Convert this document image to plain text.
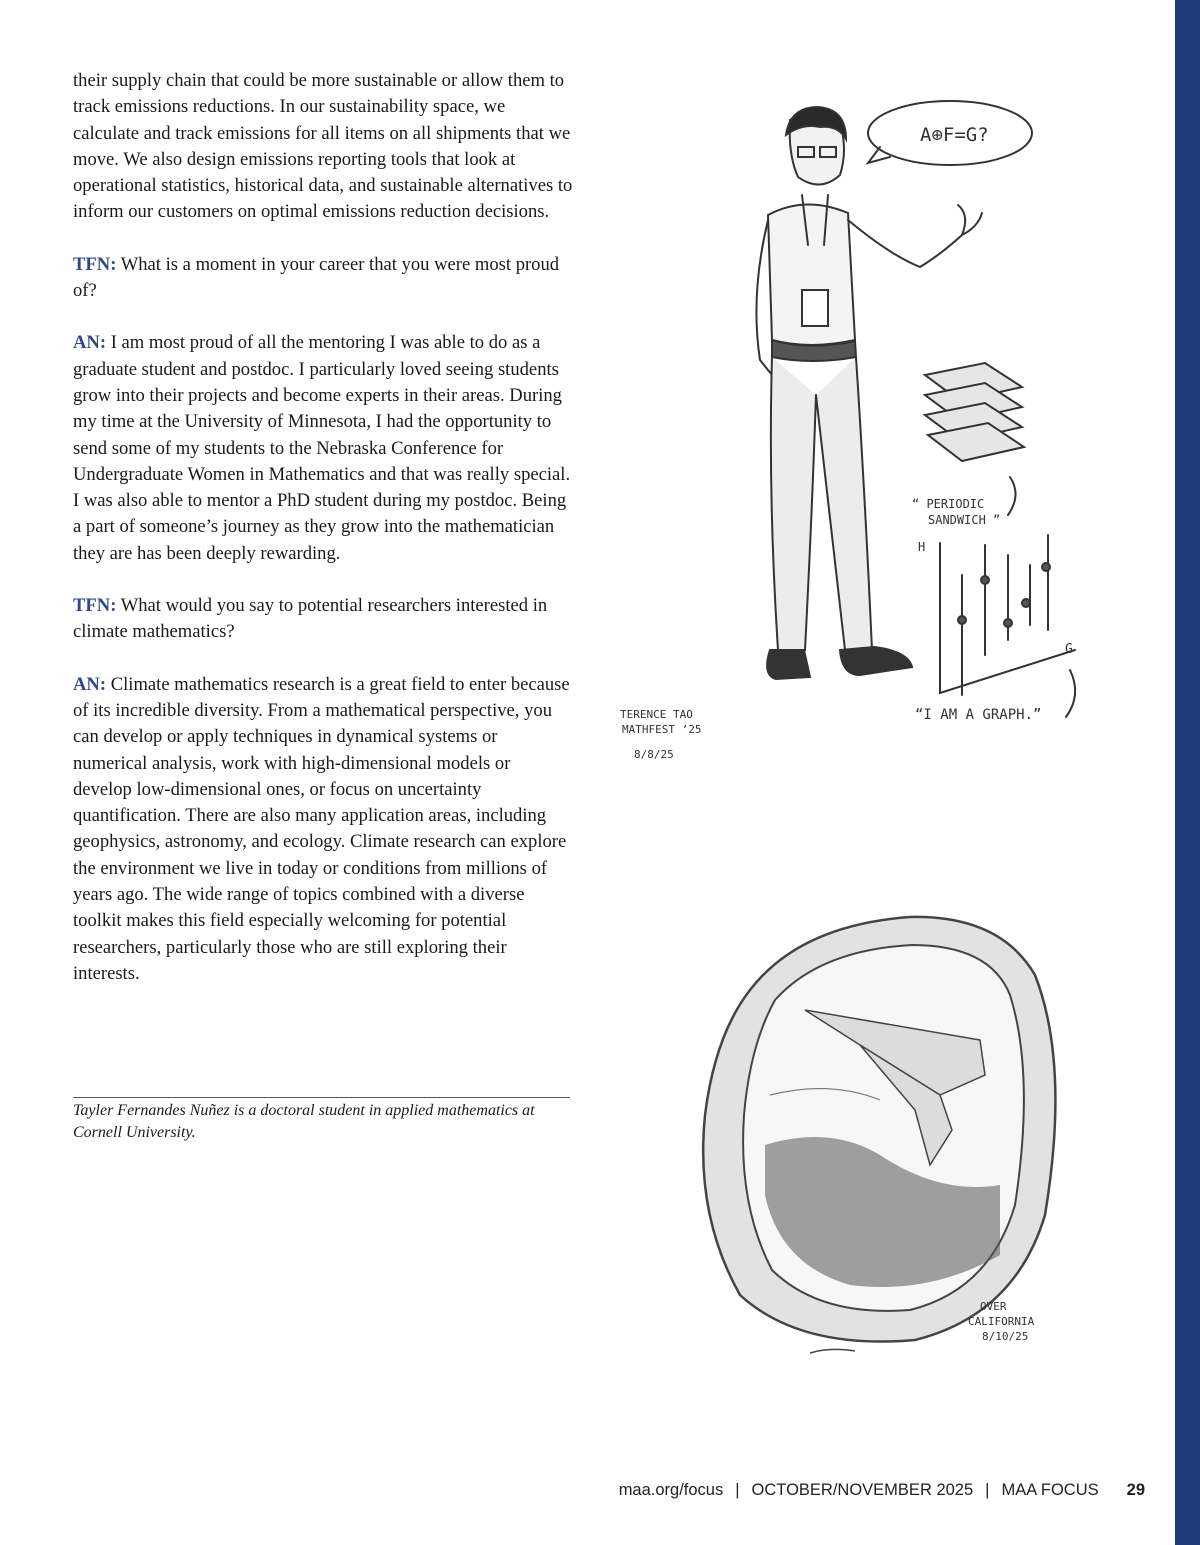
their supply chain that could be more sustainable or allow them to track emissions reductions. In our sustainability space, we calculate and track emissions for all items on all shipments that we move. We also design emissions reporting tools that look at operational statistics, historical data, and sustainable alternatives to inform our customers on optimal emissions reduction decisions.

TFN: What is a moment in your career that you were most proud of?

AN: I am most proud of all the mentoring I was able to do as a graduate student and postdoc. I particularly loved seeing students grow into their projects and become experts in their areas. During my time at the University of Minnesota, I had the opportunity to send some of my students to the Nebraska Conference for Undergraduate Women in Mathematics and that was really special. I was also able to mentor a PhD student during my postdoc. Being a part of someone’s journey as they grow into the mathematician they are has been deeply rewarding.

TFN: What would you say to potential researchers interested in climate mathematics?

AN: Climate mathematics research is a great field to enter because of its incredible diversity. From a mathematical perspective, you can develop or apply techniques in dynamical systems or numerical analysis, work with high-dimensional models or develop low-dimensional ones, or focus on uncertainty quantification. There are also many application areas, including geophysics, astronomy, and ecology. Climate research can explore the environment we live in today or conditions from millions of years ago. The wide range of topics combined with a diverse toolkit makes this field especially welcoming for potential researchers, particularly those who are still exploring their interests.

Tayler Fernandes Nuñez is a doctoral student in applied mathematics at Cornell University.
A⊕F=G?
“ PERIODIC
SANDWICH ”
H
G
“I AM A GRAPH.”
TERENCE TAO
MATHFEST ’25
8/8/25
OVER
CALIFORNIA
8/10/25
maa.org/focus | OCTOBER/NOVEMBER 2025 | MAA FOCUS 29
